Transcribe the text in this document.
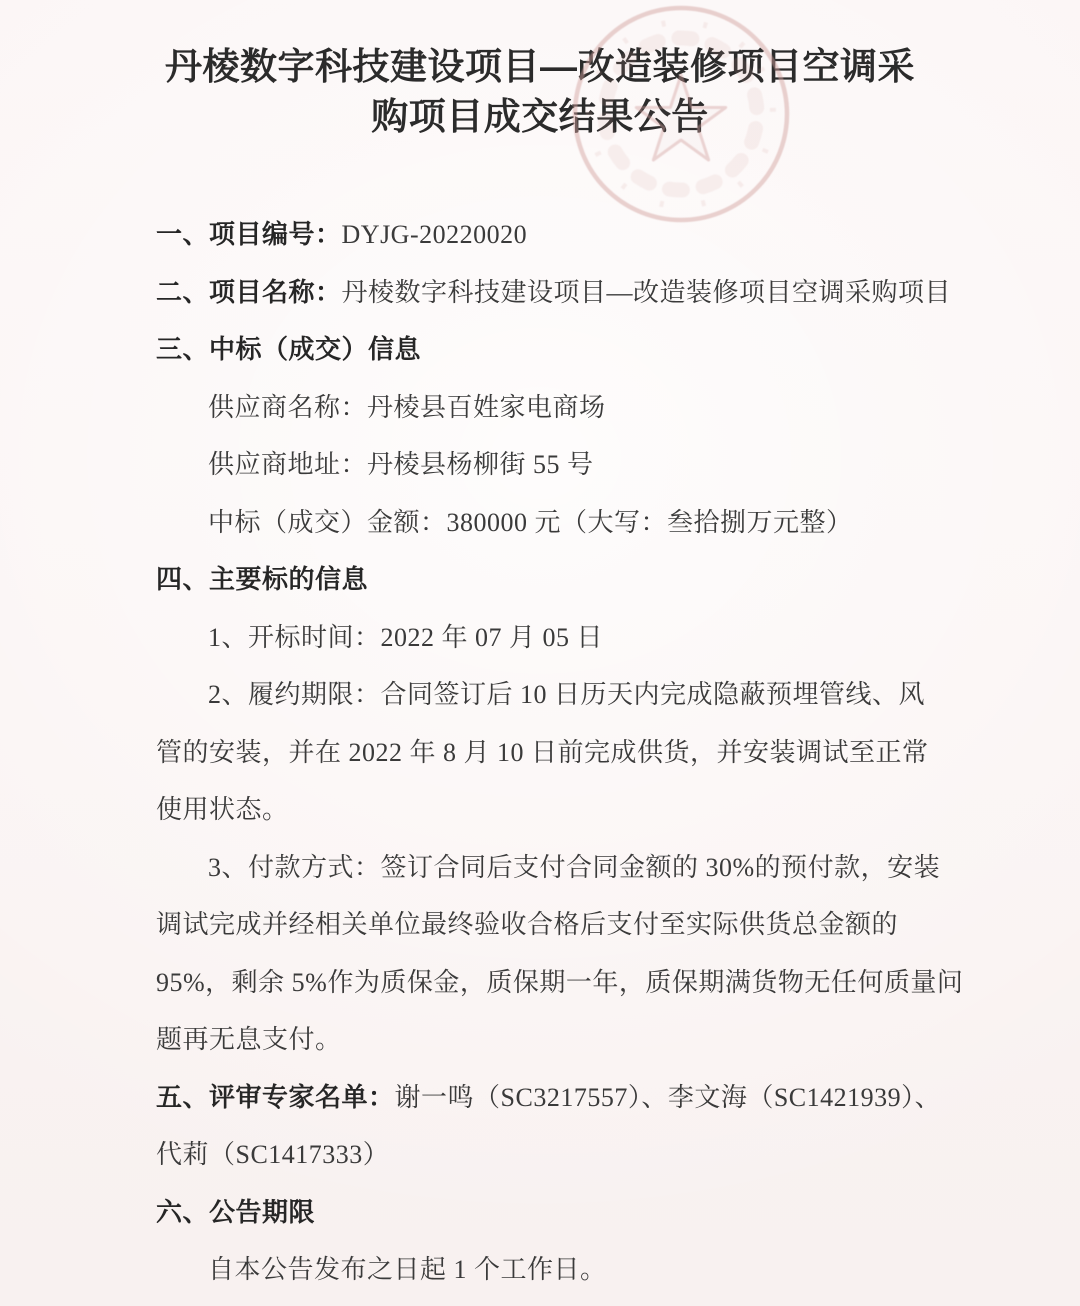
丹棱数字科技建设项目—改造装修项目空调采
购项目成交结果公告
一、项目编号：DYJG-20220020
二、项目名称：丹棱数字科技建设项目—改造装修项目空调采购项目
三、中标（成交）信息
供应商名称：丹棱县百姓家电商场
供应商地址：丹棱县杨柳街 55 号
中标（成交）金额：380000 元（大写：叁拾捌万元整）
四、主要标的信息
1、开标时间：2022 年 07 月 05 日
2、履约期限：合同签订后 10 日历天内完成隐蔽预埋管线、风
管的安装，并在 2022 年 8 月 10 日前完成供货，并安装调试至正常
使用状态。
3、付款方式：签订合同后支付合同金额的 30%的预付款，安装
调试完成并经相关单位最终验收合格后支付至实际供货总金额的
95%，剩余 5%作为质保金，质保期一年，质保期满货物无任何质量问
题再无息支付。
五、评审专家名单：谢一鸣（SC3217557）、李文海（SC1421939）、
代莉（SC1417333）
六、公告期限
自本公告发布之日起 1 个工作日。
